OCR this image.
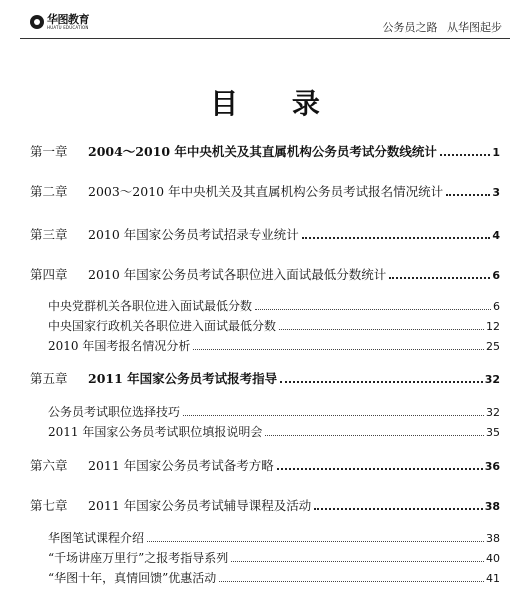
华图教育
HUATU EDUCATION	公务员之路 从华图起步
目 录
第一章	2004～2010 年中央机关及其直属机构公务员考试分数线统计	1
第二章	2003～2010 年中央机关及其直属机构公务员考试报名情况统计	3
第三章	2010 年国家公务员考试招录专业统计	4
第四章	2010 年国家公务员考试各职位进入面试最低分数统计	6
中央党群机关各职位进入面试最低分数	6
中央国家行政机关各职位进入面试最低分数	12
2010 年国考报名情况分析	25
第五章	2011 年国家公务员考试报考指导	32
公务员考试职位选择技巧	32
2011 年国家公务员考试职位填报说明会	35
第六章	2011 年国家公务员考试备考方略	36
第七章	2011 年国家公务员考试辅导课程及活动	38
华图笔试课程介绍	38
“千场讲座万里行”之报考指导系列	40
“华图十年，真情回馈”优惠活动	41
